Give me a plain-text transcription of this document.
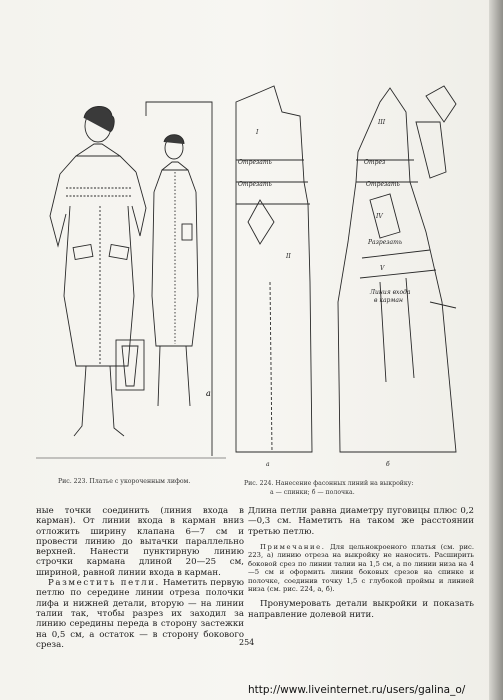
а
I
Отрезать
Отрезать
II
III
IV
Отрез
Отрезать
Разрезать
V
Линия входа
в карман
а	б
Рис. 223. Платье с укороченным лифом.	Рис. 224. Нанесение фасонных линий на выкройку:
а — спинки; б — полочка.

ные точки соединить (линия входа в карман). От линии входа в карман вниз отложить ширину клапана 6—7 см и провести линию до вытачки параллельно верхней. Нанести пунктирную линию строчки кармана длиной 20—25 см, шириной, равной линии входа в карман.

Разместить петли. Наметить первую петлю по середине линии отреза полочки лифа и нижней детали, вторую — на линии талии так, чтобы разрез их заходил за линию середины переда в сторону застежки на 0,5 см, а остаток — в сторону бокового среза.

Длина петли равна диаметру пуговицы плюс 0,2—0,3 см. Наметить на таком же расстоянии третью петлю.

Примечание. Для цельнокроеного платья (см. рис. 223, а) линию отреза на выкройку не наносить. Расширить боковой срез по линии талии на 1,5 см, а по линии низа на 4—5 см и оформить линии боковых срезов на спинке и полочке, соединив точку 1,5 с глубокой проймы и линией низа (см. рис. 224, а, б).

Пронумеровать детали выкройки и показать направление долевой нити.

254
http://www.liveinternet.ru/users/galina_o/
